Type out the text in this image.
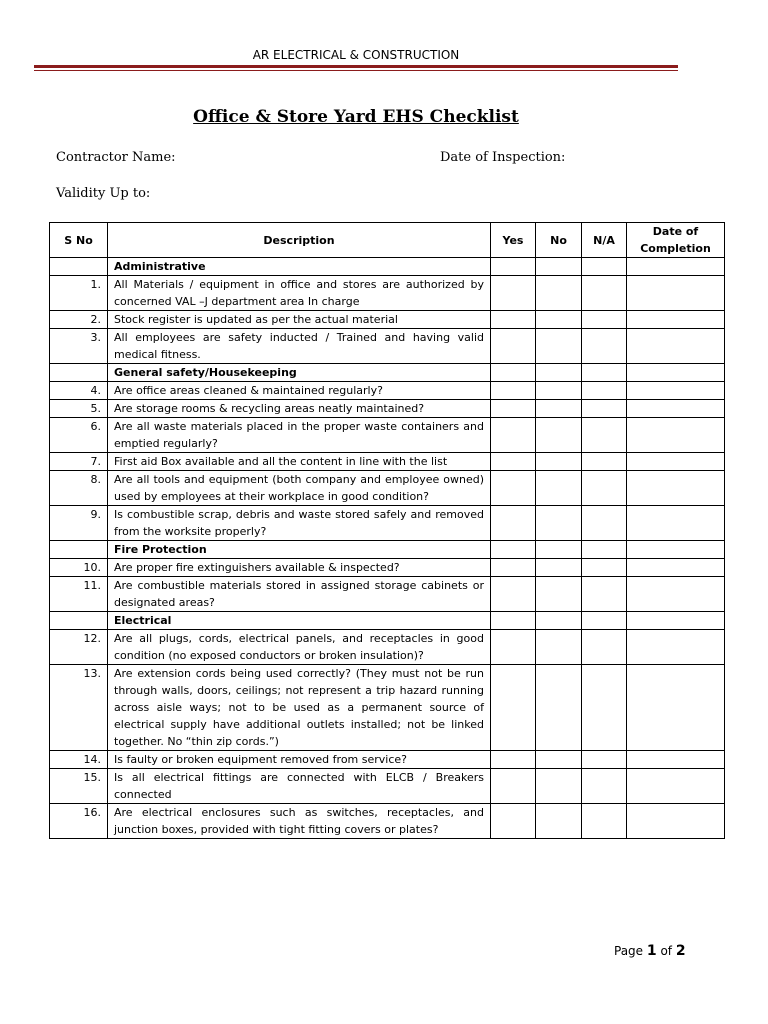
AR ELECTRICAL & CONSTRUCTION
Office & Store Yard EHS Checklist
Contractor Name:	Date of Inspection:
Validity Up to:
S No	Description	Yes	No	N/A	Date of
Completion

	Administrative				
1.	All Materials / equipment in office and stores are authorized by concerned VAL –J department area In charge				
2.	Stock register is updated as per the actual material				
3.	All employees are safety inducted / Trained and having valid medical fitness.				
	General safety/Housekeeping				
4.	Are office areas cleaned & maintained regularly?				
5.	Are storage rooms & recycling areas neatly maintained?				
6.	Are all waste materials placed in the proper waste containers and emptied regularly?				
7.	First aid Box available and all the content in line with the list				
8.	Are all tools and equipment (both company and employee owned) used by employees at their workplace in good condition?				
9.	Is combustible scrap, debris and waste stored safely and removed from the worksite properly?				
	Fire Protection				
10.	Are proper fire extinguishers available & inspected?				
11.	Are combustible materials stored in assigned storage cabinets or designated areas?				
	Electrical				
12.	Are all plugs, cords, electrical panels, and receptacles in good condition (no exposed conductors or broken insulation)?				
13.	Are extension cords being used correctly? (They must not be run through walls, doors, ceilings; not represent a trip hazard running across aisle ways; not to be used as a permanent source of electrical supply have additional outlets installed; not be linked together. No “thin zip cords.”)				
14.	Is faulty or broken equipment removed from service?				
15.	Is all electrical fittings are connected with ELCB / Breakers connected				
16.	Are electrical enclosures such as switches, receptacles, and junction boxes, provided with tight fitting covers or plates?				
Page 1 of 2
